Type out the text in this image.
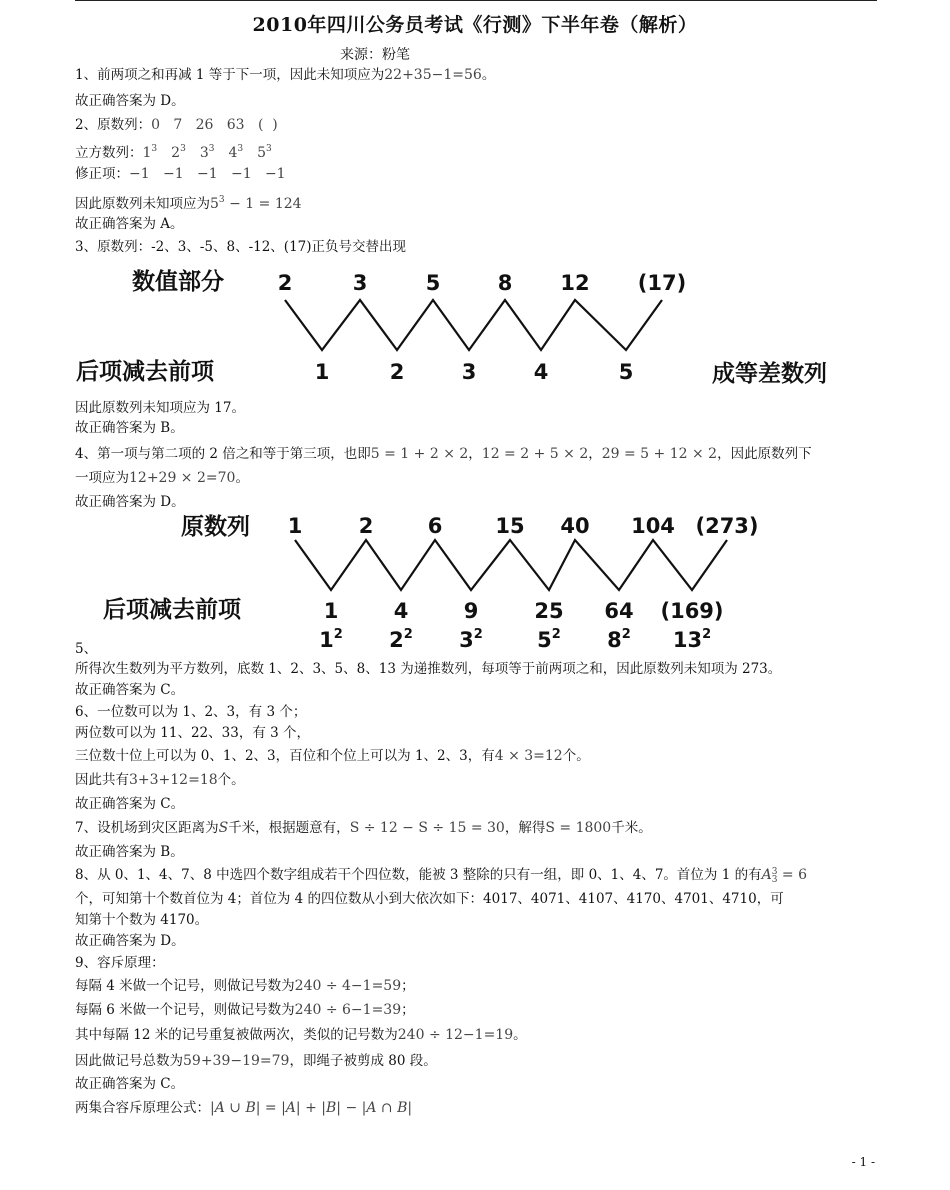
2010年四川公务员考试《行测》下半年卷（解析）
来源：粉笔
1、前两项之和再减 1 等于下一项，因此未知项应为22+35−1=56。
故正确答案为 D。
2、原数列：0   7   26   63   (  )
立方数列：$1^3$ $2^3$ $3^3$ $4^3$ $5^3$
修正项：−1   −1   −1   −1   −1
因此原数列未知项应为$5^3 - 1 = 124$
故正确答案为 A。
3、原数列：-2、3、-5、8、-12、(17)正负号交替出现
数值部分
后项减去前项	成等差数列
2	3	5	8 12 (17)
1	2	3	4	5
因此原数列未知项应为 17。
故正确答案为 B。
4、第一项与第二项的 2 倍之和等于第三项，也即5 = 1 + 2 × 2，12 = 2 + 5 × 2，29 = 5 + 12 × 2，因此原数列下
一项应为12+29 × 2=70。
故正确答案为 D。
原数列
后项减去前项
1	2	6	15 40 104 (273)
1	4	9	25 64 (169)
$1^2$ $2^2$ $3^2$	$5^2$ $8^2$ $13^2$
5、
所得次生数列为平方数列，底数 1、2、3、5、8、13 为递推数列，每项等于前两项之和，因此原数列未知项为 273。
故正确答案为 C。
6、一位数可以为 1、2、3，有 3 个；
两位数可以为 11、22、33，有 3 个，
三位数十位上可以为 0、1、2、3，百位和个位上可以为 1、2、3，有4 × 3=12个。
因此共有3+3+12=18个。
故正确答案为 C。
7、设机场到灾区距离为S千米，根据题意有，S ÷ 12 − S ÷ 15 = 30，解得S = 1800千米。
故正确答案为 B。
8、从 0、1、4、7、8 中选四个数字组成若干个四位数，能被 3 整除的只有一组，即 0、1、4、7。首位为 1 的有A3
3 = 6
个，可知第十个数首位为 4；首位为 4 的四位数从小到大依次如下：4017、4071、4107、4170、4701、4710，可
知第十个数为 4170。
故正确答案为 D。
9、容斥原理：
每隔 4 米做一个记号，则做记号数为240 ÷ 4−1=59；
每隔 6 米做一个记号，则做记号数为240 ÷ 6−1=39；
其中每隔 12 米的记号重复被做两次，类似的记号数为240 ÷ 12−1=19。
因此做记号总数为59+39−19=79，即绳子被剪成 80 段。
故正确答案为 C。
两集合容斥原理公式：|A ∪ B| = |A| + |B| − |A ∩ B|
- 1 -
